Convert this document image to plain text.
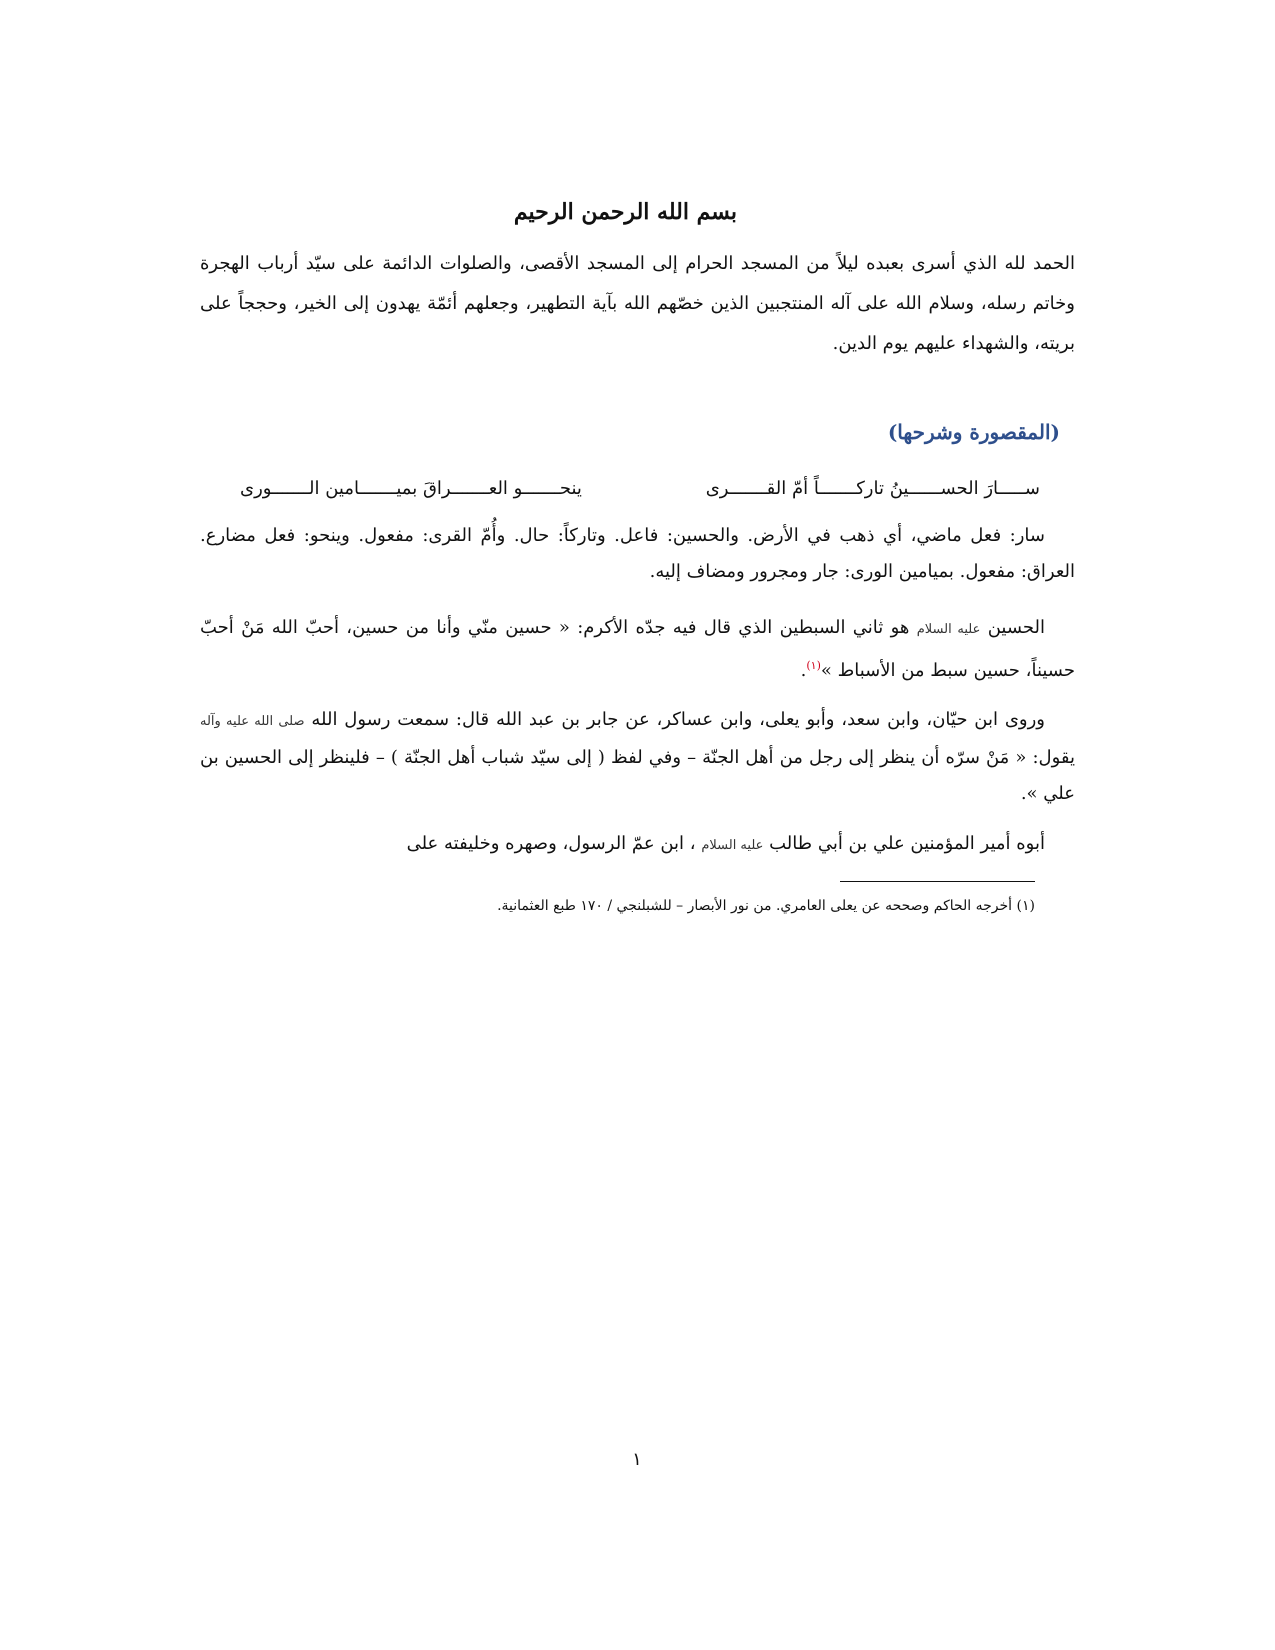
بسم الله الرحمن الرحيم
الحمد لله الذي أسرى بعبده ليلاً من المسجد الحرام إلى المسجد الأقصى، والصلوات الدائمة على سيّد أرباب الهجرة وخاتم رسله، وسلام الله على آله المنتجبين الذين خصّهم الله بآية التطهير، وجعلهم أئمّة يهدون إلى الخير، وحججاً على بريته، والشهداء عليهم يوم الدين.
(المقصورة وشرحها)
ســـــارَ الحســــــينُ تاركـــــــاً أمّ القـــــــرى
ينحـــــــو العـــــــراقَ بميـــــــامين الـــــــورى
سار: فعل ماضي، أي ذهب في الأرض. والحسين: فاعل. وتاركاً: حال. وأُمّ القرى: مفعول. وينحو: فعل مضارع. العراق: مفعول. بميامين الورى: جار ومجرور ومضاف إليه.
الحسين عليه السلام هو ثاني السبطين الذي قال فيه جدّه الأكرم: « حسين منّي وأنا من حسين، أحبّ الله مَنْ أحبّ حسيناً، حسين سبط من الأسباط »$^{(١)}$.
وروى ابن حيّان، وابن سعد، وأبو يعلى، وابن عساكر، عن جابر بن عبد الله قال: سمعت رسول الله صلى الله عليه وآله يقول: « مَنْ سرّه أن ينظر إلى رجل من أهل الجنّة – وفي لفظ ( إلى سيّد شباب أهل الجنّة ) – فلينظر إلى الحسين بن علي ».
أبوه أمير المؤمنين علي بن أبي طالب عليه السلام ، ابن عمّ الرسول، وصهره وخليفته على
(١) أخرجه الحاكم وصححه عن يعلى العامري. من نور الأبصار – للشبلنجي / ١٧٠ طبع العثمانية.
١
